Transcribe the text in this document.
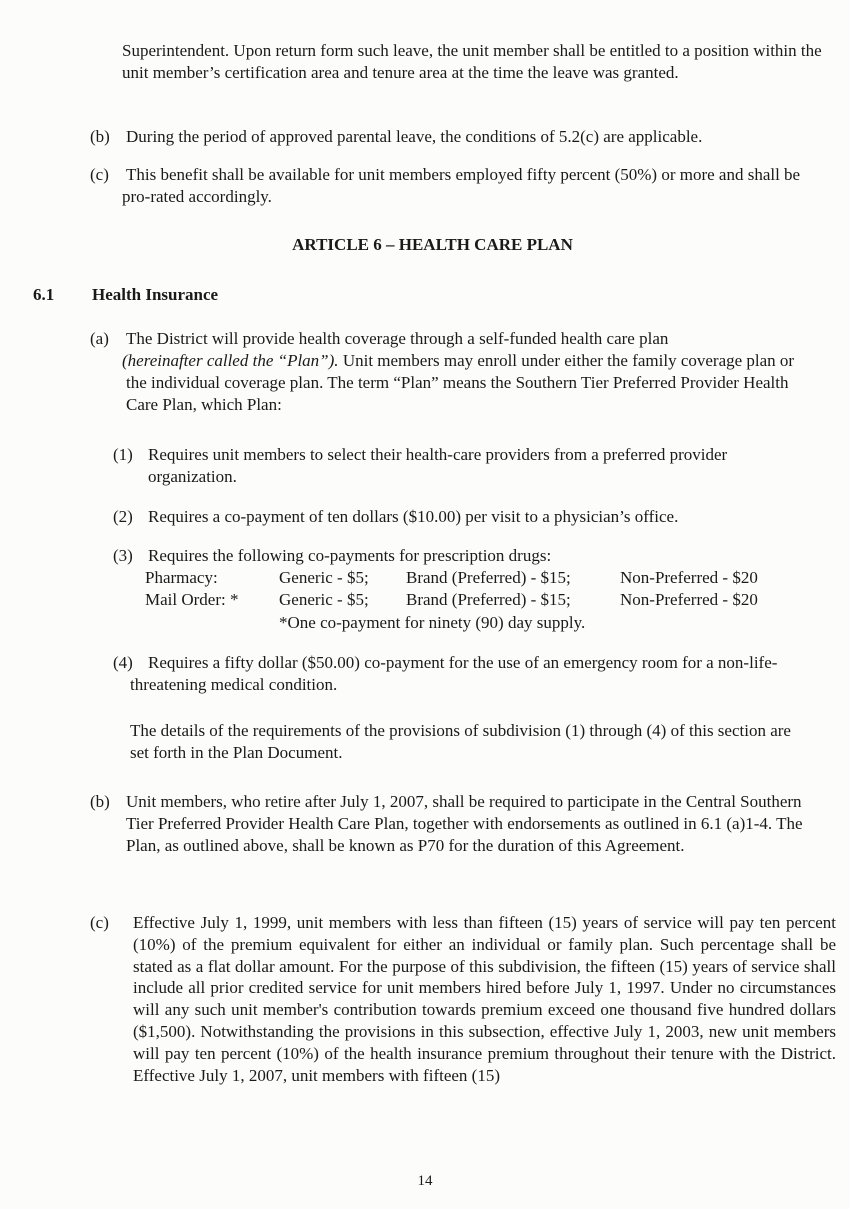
Superintendent. Upon return form such leave, the unit member shall be entitled to a position within the unit member’s certification area and tenure area at the time the leave was granted.
(b) During the period of approved parental leave, the conditions of 5.2(c) are applicable.
(c) This benefit shall be available for unit members employed fifty percent (50%) or more and shall be pro-rated accordingly.
ARTICLE 6 – HEALTH CARE PLAN
6.1 Health Insurance
(a) The District will provide health coverage through a self-funded health care plan
(hereinafter called the “Plan”). Unit members may enroll under either the family coverage plan or the individual coverage plan. The term “Plan” means the Southern Tier Preferred Provider Health Care Plan, which Plan:
(1) Requires unit members to select their health-care providers from a preferred provider organization.
(2) Requires a co-payment of ten dollars ($10.00) per visit to a physician’s office.
(3) Requires the following co-payments for prescription drugs:
Pharmacy:	Generic - $5; Brand (Preferred) - $15;	Non-Preferred - $20
Mail Order: * Generic - $5; Brand (Preferred) - $15;	Non-Preferred - $20
*One co-payment for ninety (90) day supply.
(4) Requires a fifty dollar ($50.00) co-payment for the use of an emergency room for a non-life-threatening medical condition.
The details of the requirements of the provisions of subdivision (1) through (4) of this section are set forth in the Plan Document.
(b) Unit members, who retire after July 1, 2007, shall be required to participate in the Central Southern Tier Preferred Provider Health Care Plan, together with endorsements as outlined in 6.1 (a)1-4. The Plan, as outlined above, shall be known as P70 for the duration of this Agreement.
(c) Effective July 1, 1999, unit members with less than fifteen (15) years of service will pay ten percent (10%) of the premium equivalent for either an individual or family plan. Such percentage shall be stated as a flat dollar amount. For the purpose of this subdivision, the fifteen (15) years of service shall include all prior credited service for unit members hired before July 1, 1997. Under no circumstances will any such unit member's contribution towards premium exceed one thousand five hundred dollars ($1,500). Notwithstanding the provisions in this subsection, effective July 1, 2003, new unit members will pay ten percent (10%) of the health insurance premium throughout their tenure with the District. Effective July 1, 2007, unit members with fifteen (15)
14
